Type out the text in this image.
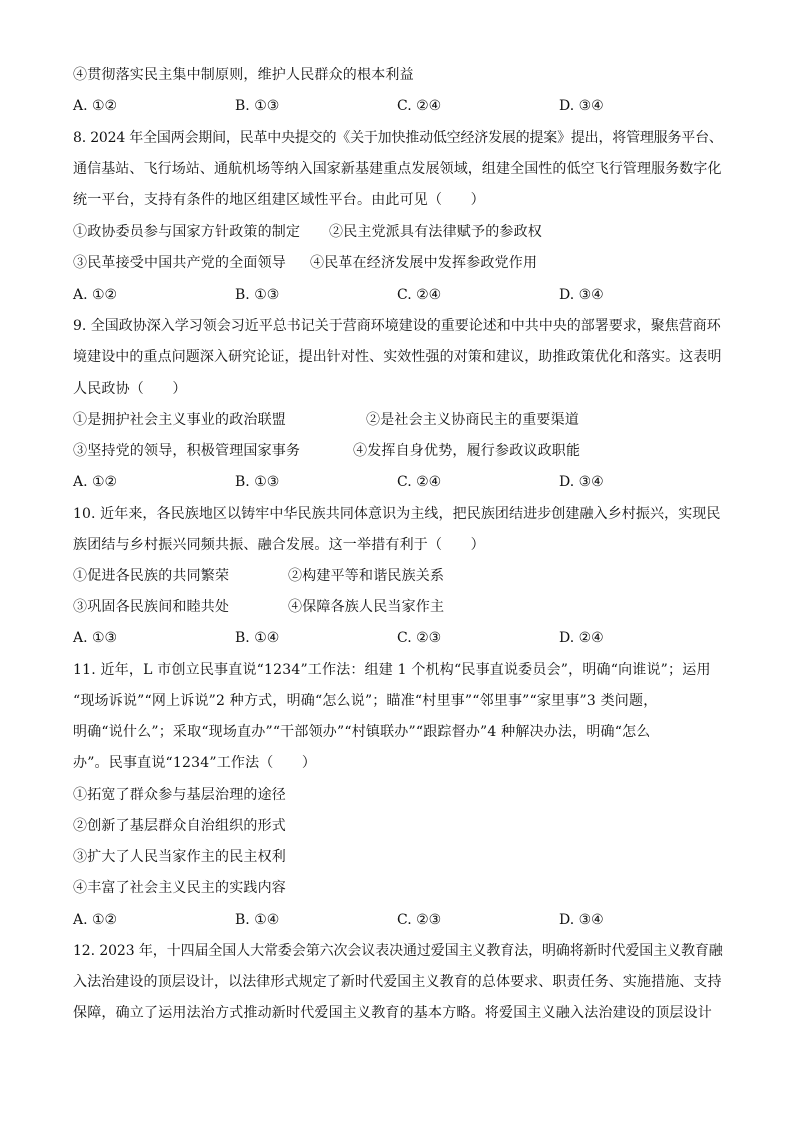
④贯彻落实民主集中制原则，维护人民群众的根本利益
A. ①②	B. ①③	C. ②④	D. ③④
8. 2024 年全国两会期间，民革中央提交的《关于加快推动低空经济发展的提案》提出，将管理服务平台、
通信基站、飞行场站、通航机场等纳入国家新基建重点发展领域，组建全国性的低空飞行管理服务数字化
统一平台，支持有条件的地区组建区域性平台。由此可见（　　）
①政协委员参与国家方针政策的制定 ②民主党派具有法律赋予的参政权
③民革接受中国共产党的全面领导 ④民革在经济发展中发挥参政党作用
A. ①②	B. ①③	C. ②④	D. ③④
9. 全国政协深入学习领会习近平总书记关于营商环境建设的重要论述和中共中央的部署要求，聚焦营商环
境建设中的重点问题深入研究论证，提出针对性、实效性强的对策和建议，助推政策优化和落实。这表明
人民政协（　　）
①是拥护社会主义事业的政治联盟	②是社会主义协商民主的重要渠道
③坚持党的领导，积极管理国家事务	④发挥自身优势，履行参政议政职能
A. ①②	B. ①③	C. ②④	D. ③④
10. 近年来，各民族地区以铸牢中华民族共同体意识为主线，把民族团结进步创建融入乡村振兴，实现民
族团结与乡村振兴同频共振、融合发展。这一举措有利于（　　）
①促进各民族的共同繁荣	②构建平等和谐民族关系
③巩固各民族间和睦共处	④保障各族人民当家作主
A. ①③	B. ①④	C. ②③	D. ②④
11. 近年，L 市创立民事直说“1234”工作法：组建 1 个机构“民事直说委员会”，明确“向谁说”；运用
“现场诉说”“网上诉说”2 种方式，明确“怎么说”；瞄准“村里事”“邻里事”“家里事”3 类问题，
明确“说什么”；采取“现场直办”“干部领办”“村镇联办”“跟踪督办”4 种解决办法，明确“怎么
办”。民事直说“1234”工作法（　　）
①拓宽了群众参与基层治理的途径
②创新了基层群众自治组织的形式
③扩大了人民当家作主的民主权利
④丰富了社会主义民主的实践内容
A. ①②	B. ①④	C. ②③	D. ③④
12. 2023 年，十四届全国人大常委会第六次会议表决通过爱国主义教育法，明确将新时代爱国主义教育融
入法治建设的顶层设计，以法律形式规定了新时代爱国主义教育的总体要求、职责任务、实施措施、支持
保障，确立了运用法治方式推动新时代爱国主义教育的基本方略。将爱国主义融入法治建设的顶层设计
